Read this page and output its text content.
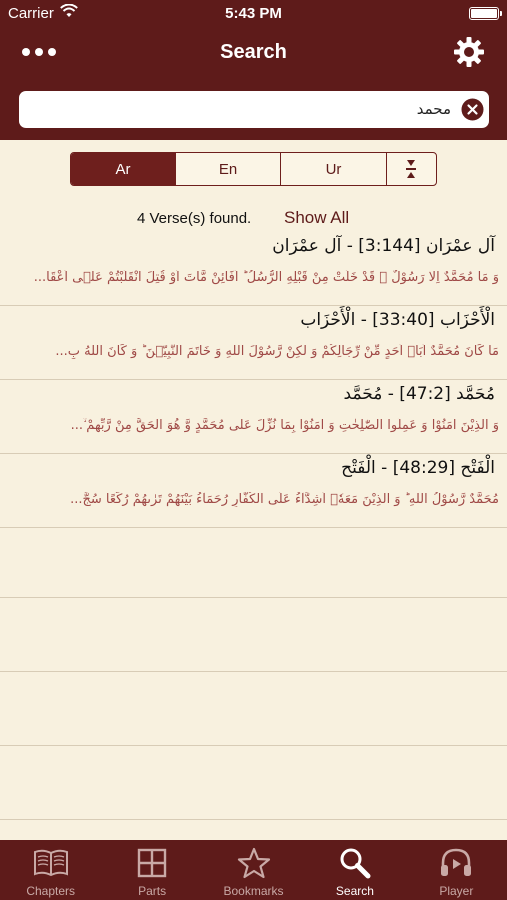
Carrier	5:43 PM
Search
محمد
Ar	En	Ur
4 Verse(s) found. Show All
آل عمْرَان [3:144] - آل عمْرَان
وَ مَا مُحَمَّدٌ اِلَّا رَسُوْلٌ ۚ قَدْ خَلَتْ مِنْ قَبْلِهِ الرُّسُلُ ؕ اَفَائِنْ مَّاتَ اَوْ قُتِلَ انْقَلَبْتُمْ عَلٰۤى اَعْقَا...
الْأَحْزَاب [33:40] - الْأَحْزَاب
مَا كَانَ مُحَمَّدٌ اَبَاۤ اَحَدٍ مِّنْ رِّجَالِكُمْ وَ لٰكِنْ رَّسُوْلَ اللّٰهِ وَ خَاتَمَ النَّبِيّٖنَ ؕ وَ كَانَ اللّٰهُ بِ...
مُحَمَّد [47:2] - مُحَمَّد
وَ الَّذِيْنَ اٰمَنُوْا وَ عَمِلُوا الصّٰلِحٰتِ وَ اٰمَنُوْا بِمَا نُزِّلَ عَلٰى مُحَمَّدٍ وَّ هُوَ الْحَقُّ مِنْ رَّبِّهِمْ ۙ...
الْفَتْح [48:29] - الْفَتْح
مُحَمَّدٌ رَّسُوْلُ اللّٰهِ ؕ وَ الَّذِيْنَ مَعَهٗۤ اَشِدَّآءُ عَلَى الْكُفَّارِ رُحَمَآءُ بَيْنَهُمْ تَرٰىهُمْ رُكَّعًا سُجَّ...
Chapters	Parts	Bookmarks	Search	Player
